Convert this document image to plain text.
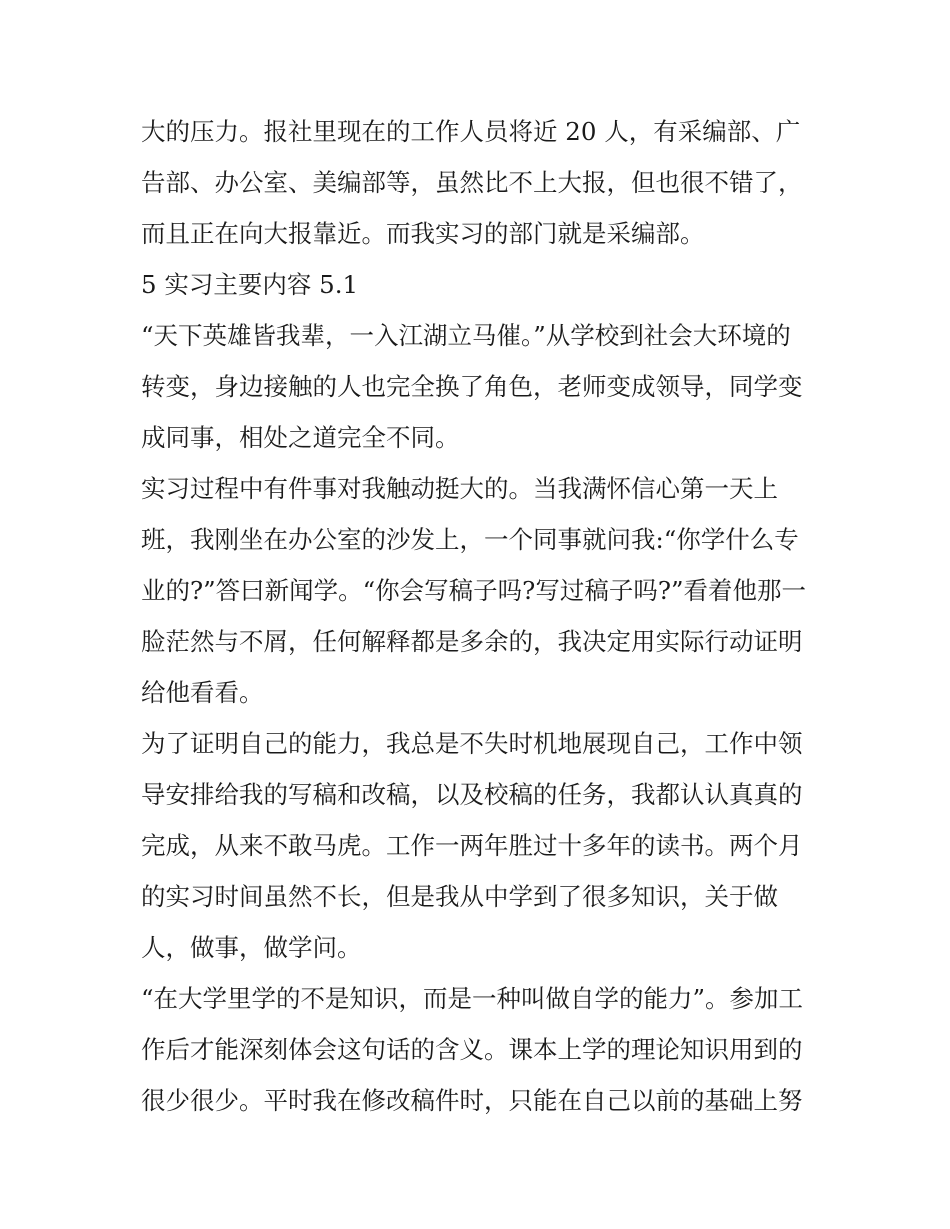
大的压力。报社里现在的工作人员将近 20 人，有采编部、广
告部、办公室、美编部等，虽然比不上大报，但也很不错了，
而且正在向大报靠近。而我实习的部门就是采编部。
5 实习主要内容 5.1
“天下英雄皆我辈，一入江湖立马催。”从学校到社会大环境的
转变，身边接触的人也完全换了角色，老师变成领导，同学变
成同事，相处之道完全不同。
实习过程中有件事对我触动挺大的。当我满怀信心第一天上
班，我刚坐在办公室的沙发上，一个同事就问我:“你学什么专
业的?”答曰新闻学。“你会写稿子吗?写过稿子吗?”看着他那一
脸茫然与不屑，任何解释都是多余的，我决定用实际行动证明
给他看看。
为了证明自己的能力，我总是不失时机地展现自己，工作中领
导安排给我的写稿和改稿，以及校稿的任务，我都认认真真的
完成，从来不敢马虎。工作一两年胜过十多年的读书。两个月
的实习时间虽然不长，但是我从中学到了很多知识，关于做
人，做事，做学问。
“在大学里学的不是知识，而是一种叫做自学的能力”。参加工
作后才能深刻体会这句话的含义。课本上学的理论知识用到的
很少很少。平时我在修改稿件时，只能在自己以前的基础上努
